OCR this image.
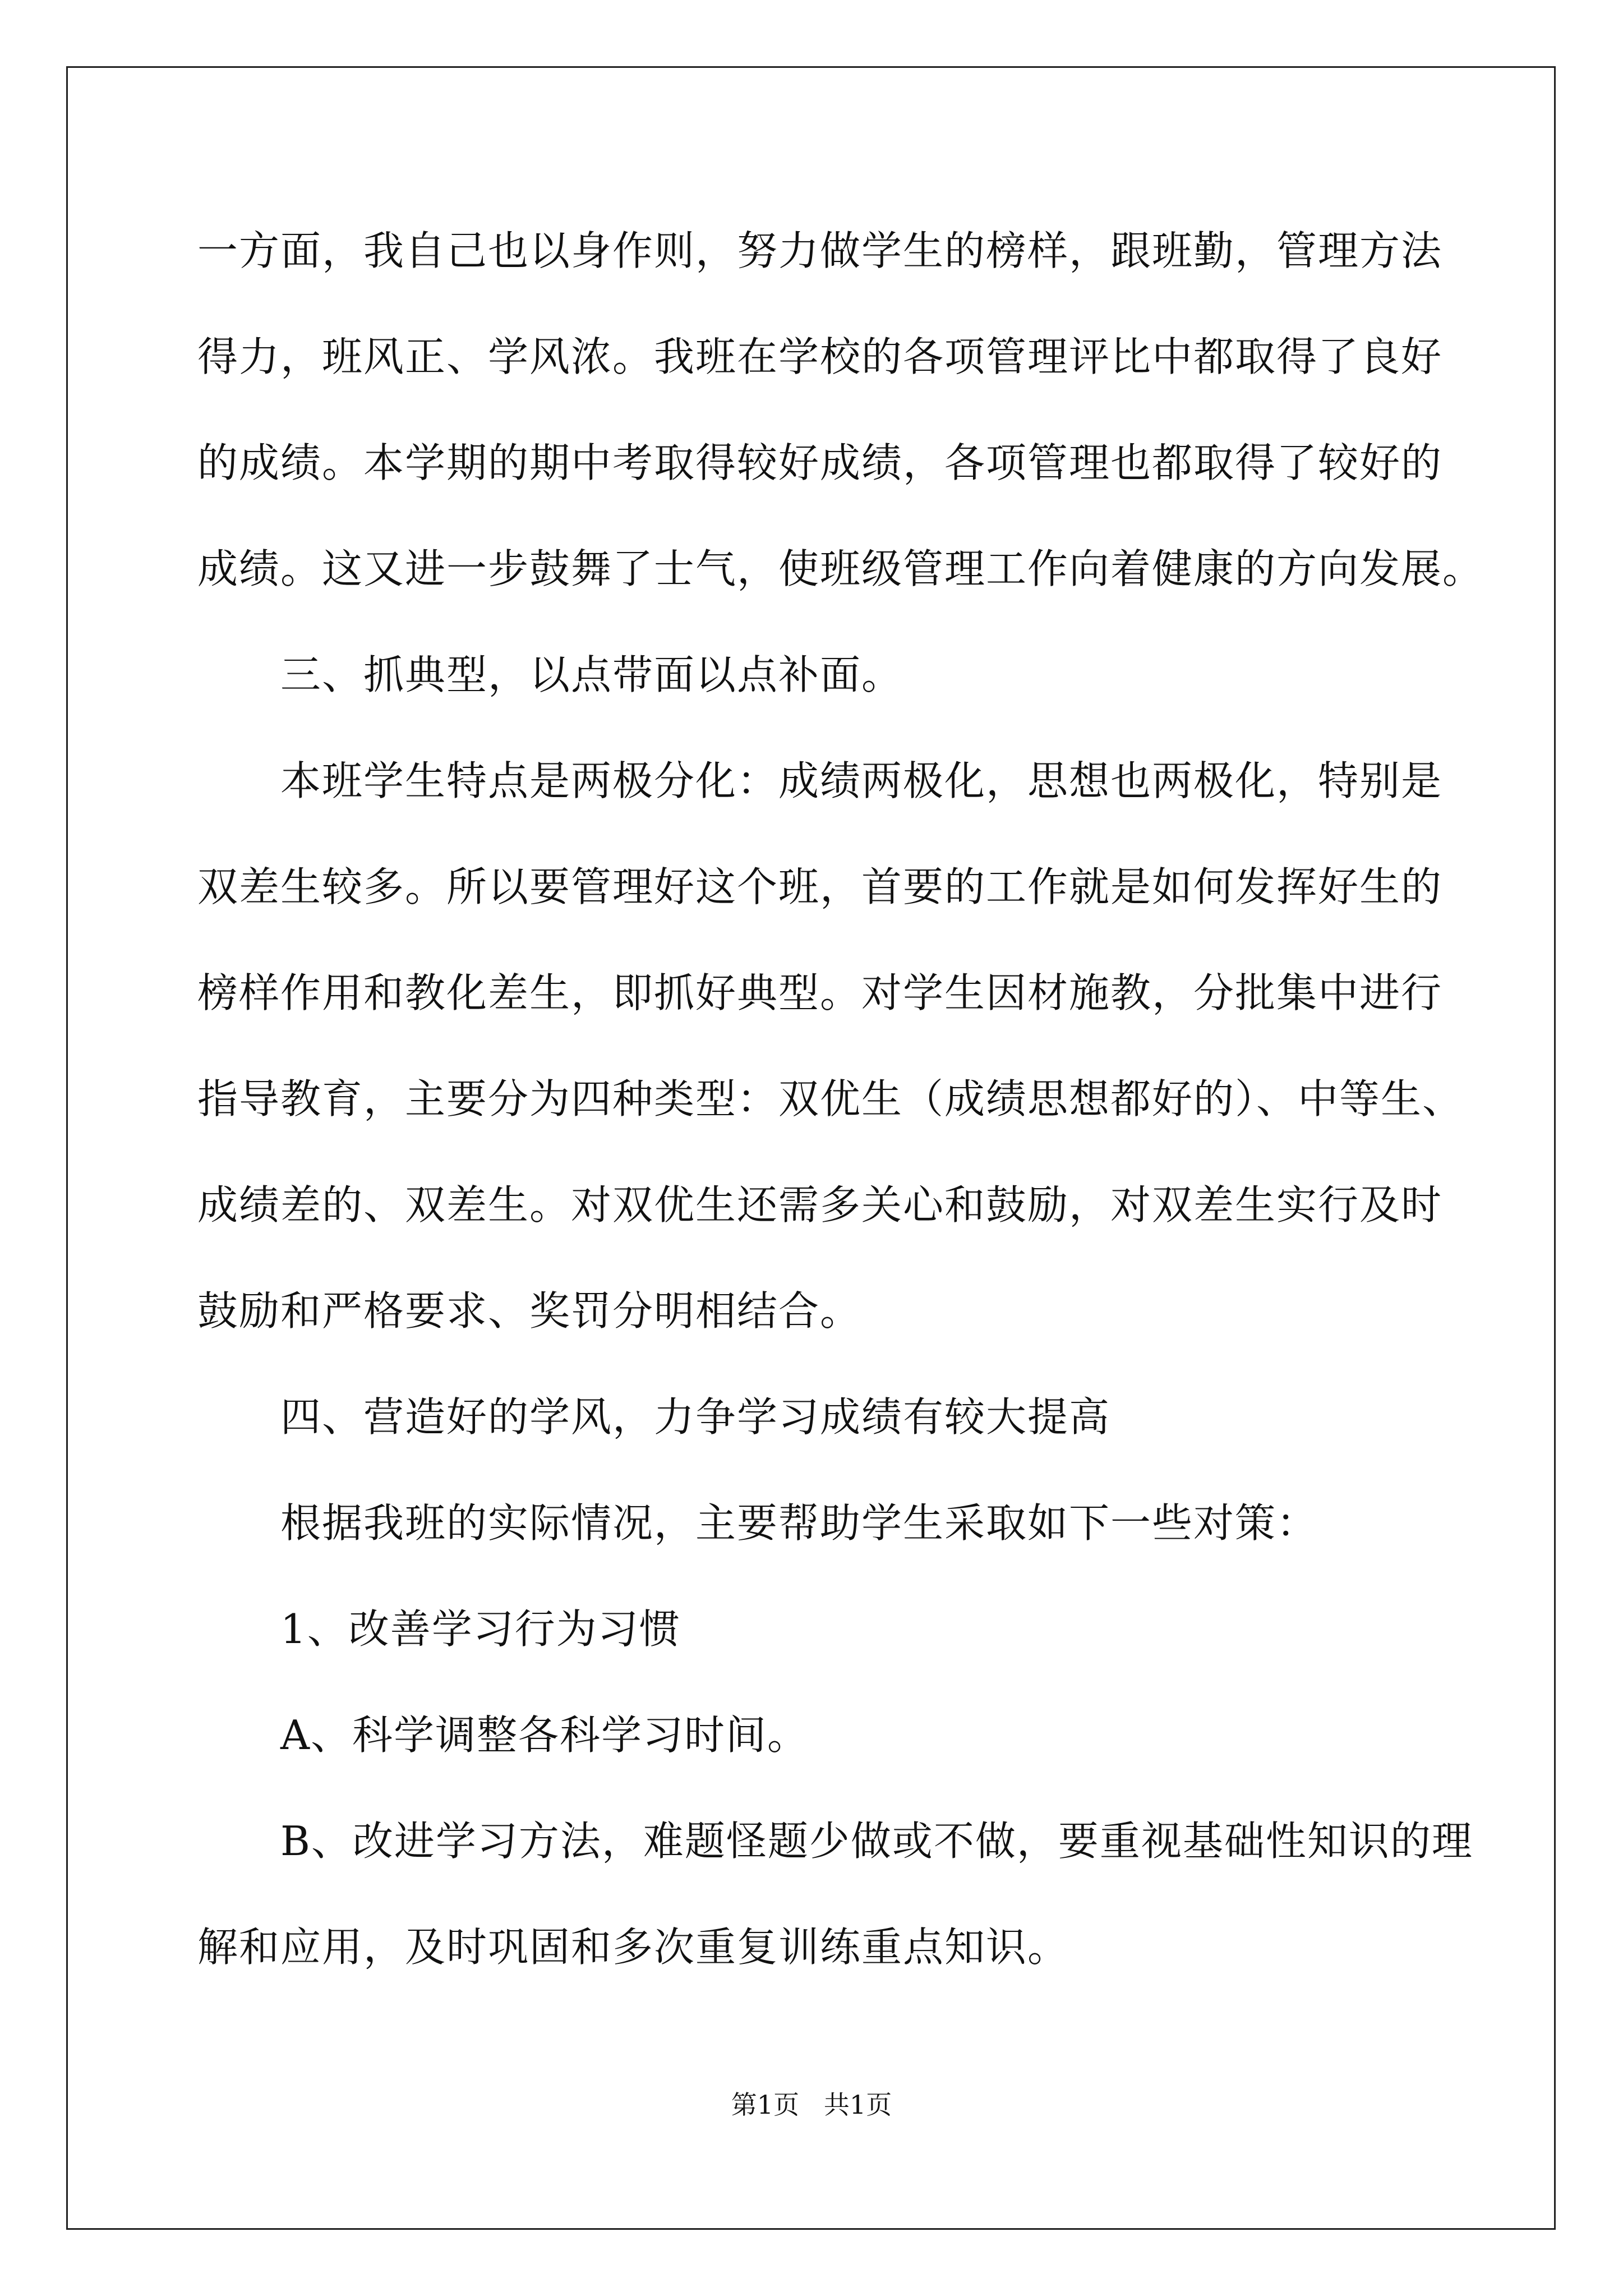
一方面，我自己也以身作则，努力做学生的榜样，跟班勤，管理方法
得力，班风正、学风浓。我班在学校的各项管理评比中都取得了良好
的成绩。本学期的期中考取得较好成绩，各项管理也都取得了较好的
成绩。这又进一步鼓舞了士气，使班级管理工作向着健康的方向发展。
三、抓典型，以点带面以点补面。
本班学生特点是两极分化：成绩两极化，思想也两极化，特别是
双差生较多。所以要管理好这个班，首要的工作就是如何发挥好生的
榜样作用和教化差生，即抓好典型。对学生因材施教，分批集中进行
指导教育，主要分为四种类型：双优生（成绩思想都好的）、中等生、
成绩差的、双差生。对双优生还需多关心和鼓励，对双差生实行及时
鼓励和严格要求、奖罚分明相结合。
四、营造好的学风，力争学习成绩有较大提高
根据我班的实际情况，主要帮助学生采取如下一些对策：
1、改善学习行为习惯
A、科学调整各科学习时间。
B、改进学习方法，难题怪题少做或不做，要重视基础性知识的理
解和应用，及时巩固和多次重复训练重点知识。
第1页   共1页
